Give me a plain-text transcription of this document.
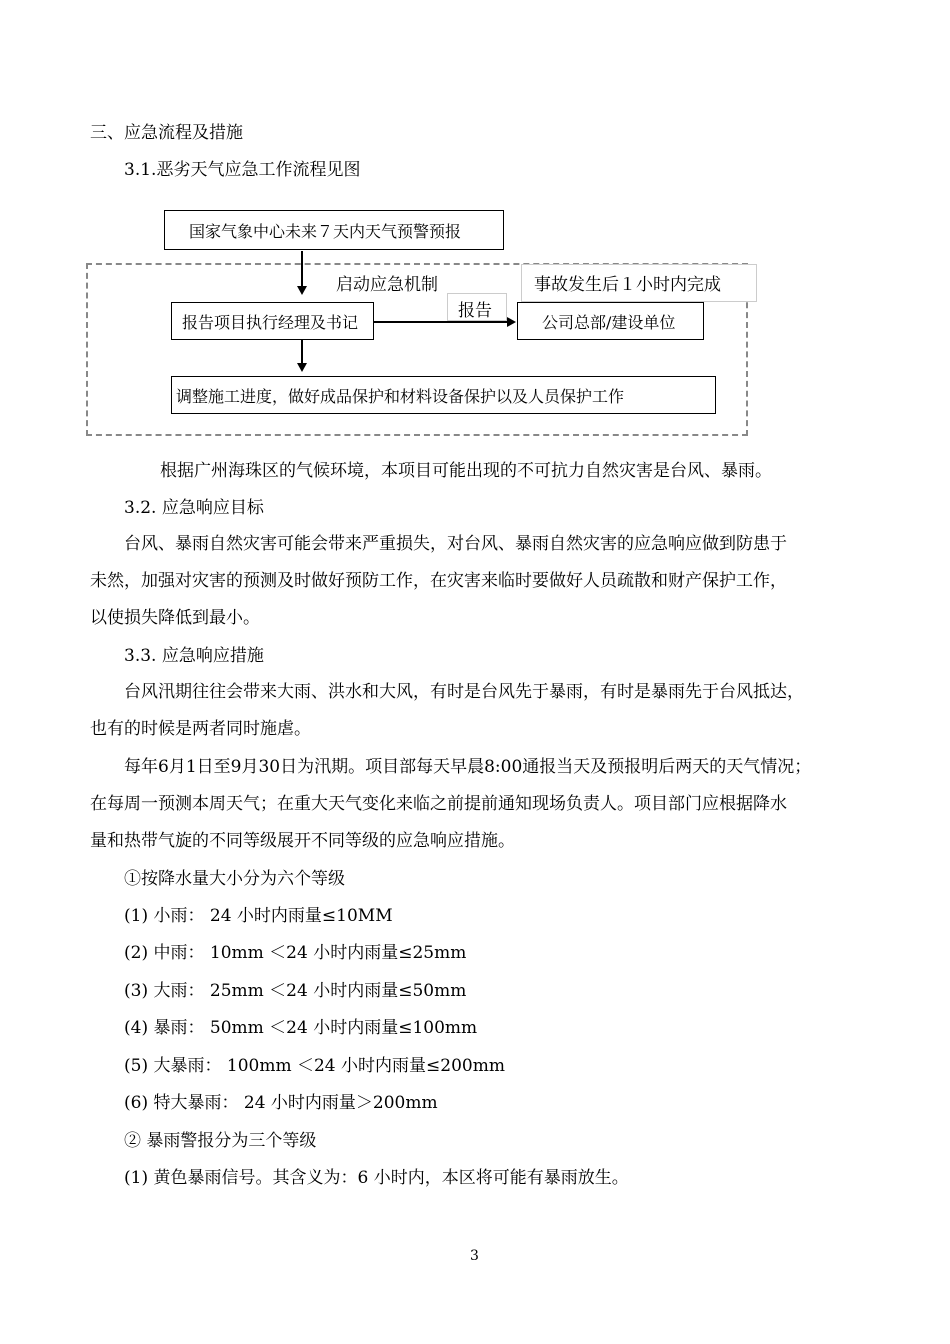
三、应急流程及措施
3.1.恶劣天气应急工作流程见图
国家气象中心未来７天内天气预警预报
启动应急机制	事故发生后１小时内完成
报告
报告项目执行经理及书记	公司总部/建设单位
调整施工进度，做好成品保护和材料设备保护以及人员保护工作
根据广州海珠区的气候环境，本项目可能出现的不可抗力自然灾害是台风、暴雨。
3.2. 应急响应目标
台风、暴雨自然灾害可能会带来严重损失，对台风、暴雨自然灾害的应急响应做到防患于
未然，加强对灾害的预测及时做好预防工作，在灾害来临时要做好人员疏散和财产保护工作，
以使损失降低到最小。
3.3. 应急响应措施
台风汛期往往会带来大雨、洪水和大风，有时是台风先于暴雨，有时是暴雨先于台风抵达，
也有的时候是两者同时施虐。
每年6月1日至9月30日为汛期。项目部每天早晨8:00通报当天及预报明后两天的天气情况；
在每周一预测本周天气；在重大天气变化来临之前提前通知现场负责人。项目部门应根据降水
量和热带气旋的不同等级展开不同等级的应急响应措施。
①按降水量大小分为六个等级
(1) 小雨： 24 小时内雨量≤10MM
(2) 中雨： 10mm ＜24 小时内雨量≤25mm
(3) 大雨： 25mm ＜24 小时内雨量≤50mm
(4) 暴雨： 50mm ＜24 小时内雨量≤100mm
(5) 大暴雨： 100mm ＜24 小时内雨量≤200mm
(6) 特大暴雨： 24 小时内雨量＞200mm
② 暴雨警报分为三个等级
(1) 黄色暴雨信号。其含义为：6 小时内，本区将可能有暴雨放生。
3
